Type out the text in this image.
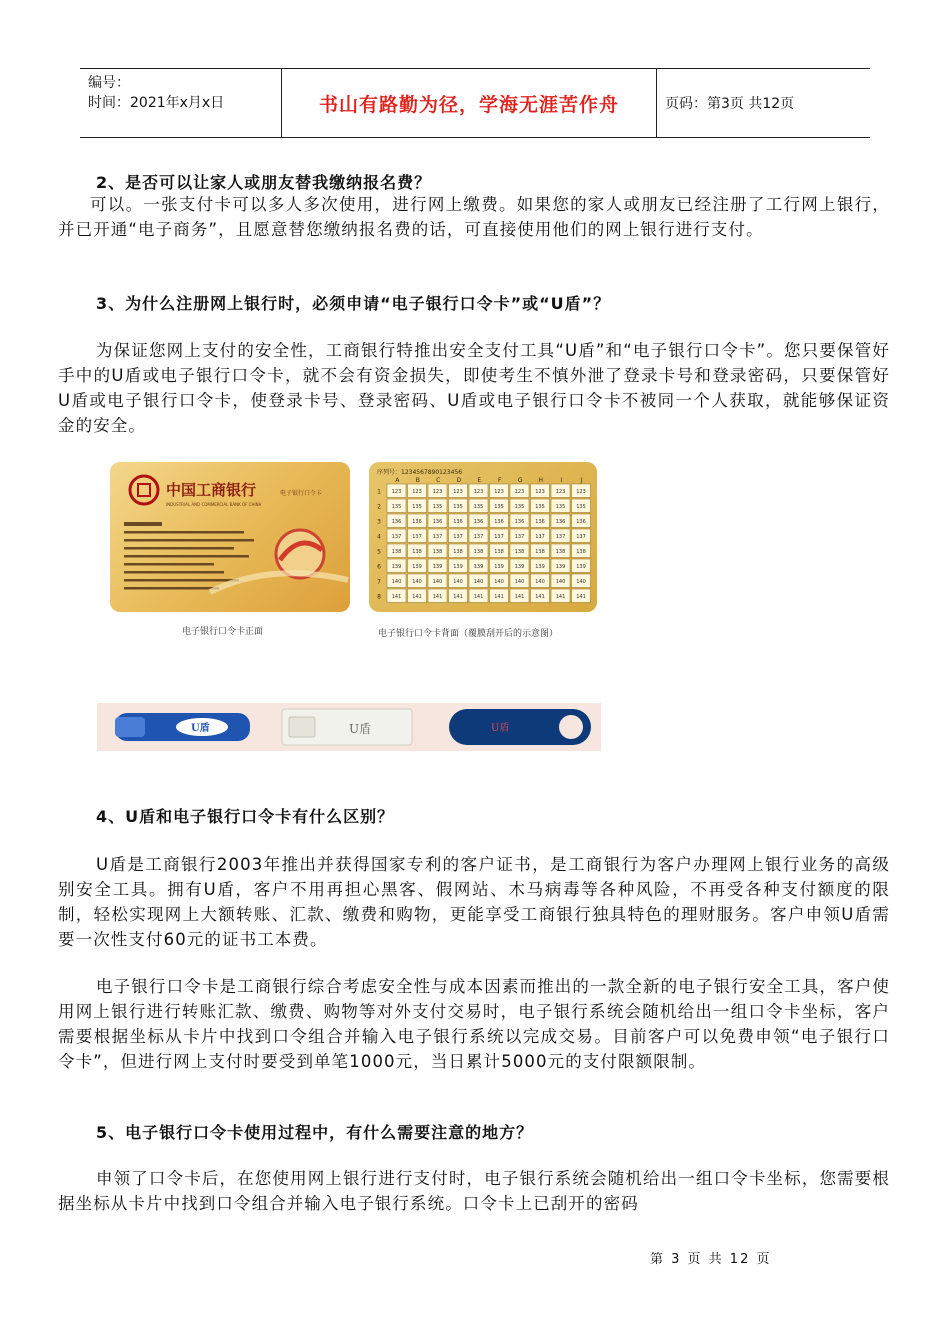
编号：
时间：2021年x月x日	书山有路勤为径，学海无涯苦作舟	页码：第3页 共12页
2、是否可以让家人或朋友替我缴纳报名费？

可以。一张支付卡可以多人多次使用，进行网上缴费。如果您的家人或朋友已经注册了工行网上银行，并已开通“电子商务”，且愿意替您缴纳报名费的话，可直接使用他们的网上银行进行支付。

3、为什么注册网上银行时，必须申请“电子银行口令卡”或“U盾”？

为保证您网上支付的安全性，工商银行特推出安全支付工具“U盾”和“电子银行口令卡”。您只要保管好手中的U盾或电子银行口令卡，就不会有资金损失，即使考生不慎外泄了登录卡号和登录密码，只要保管好U盾或电子银行口令卡，使登录卡号、登录密码、U盾或电子银行口令卡不被同一个人获取，就能够保证资金的安全。

中国工商银行	电子银行口令卡
INDUSTRIAL AND COMMERCIAL BANK OF CHINA
电子银行口令卡正面
序列号：1234567890123456
A	B	C	D	E	F	G	H	I	J
1 123 123 123 123 123 123 123 123 123 123
2 135 135 135 135 135 135 135 135 135 135
3 136 136 136 136 136 136 136 136 136 136
4 137 137 137 137 137 137 137 137 137 137
5 138 138 138 138 138 138 138 138 138 138
6 139 139 139 139 139 139 139 139 139 139
7 140 140 140 140 140 140 140 140 140 140
8 141 141 141 141 141 141 141 141 141 141
电子银行口令卡背面（覆膜刮开后的示意图）
U盾	U盾	U盾
4、U盾和电子银行口令卡有什么区别？

U盾是工商银行2003年推出并获得国家专利的客户证书，是工商银行为客户办理网上银行业务的高级别安全工具。拥有U盾，客户不用再担心黑客、假网站、木马病毒等各种风险，不再受各种支付额度的限制，轻松实现网上大额转账、汇款、缴费和购物，更能享受工商银行独具特色的理财服务。客户申领U盾需要一次性支付60元的证书工本费。

电子银行口令卡是工商银行综合考虑安全性与成本因素而推出的一款全新的电子银行安全工具，客户使用网上银行进行转账汇款、缴费、购物等对外支付交易时，电子银行系统会随机给出一组口令卡坐标，客户需要根据坐标从卡片中找到口令组合并输入电子银行系统以完成交易。目前客户可以免费申领“电子银行口令卡”，但进行网上支付时要受到单笔1000元，当日累计5000元的支付限额限制。

5、电子银行口令卡使用过程中，有什么需要注意的地方？

申领了口令卡后，在您使用网上银行进行支付时，电子银行系统会随机给出一组口令卡坐标，您需要根据坐标从卡片中找到口令组合并输入电子银行系统。口令卡上已刮开的密码

第 3 页 共 12 页
